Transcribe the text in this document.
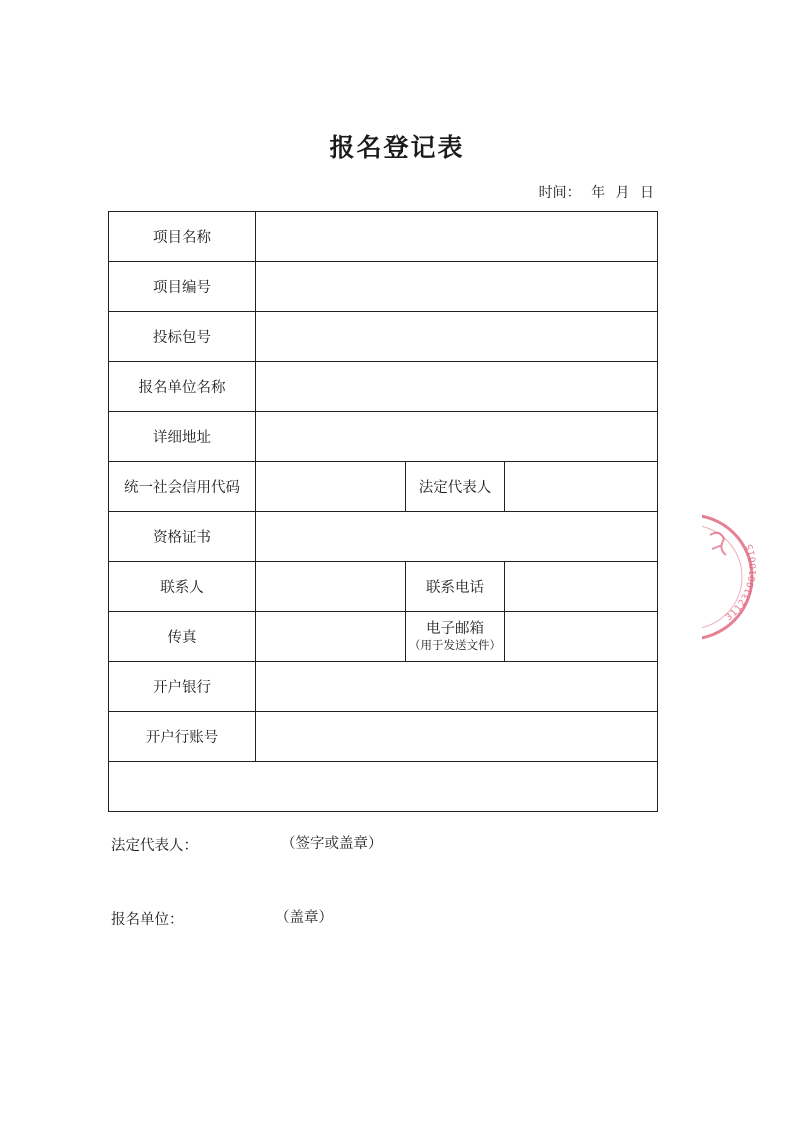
报名登记表
时间： 年 月 日
项目名称			
项目编号			
投标包号			
报名单位名称			
详细地址			
统一社会信用代码		法定代表人	
资格证书			
联系人		联系电话	
传真		电子邮箱
（用于发送文件）	

开户银行			
开户行账号			

法定代表人： （签字或盖章）
报名单位： （盖章）			
3112310010015
